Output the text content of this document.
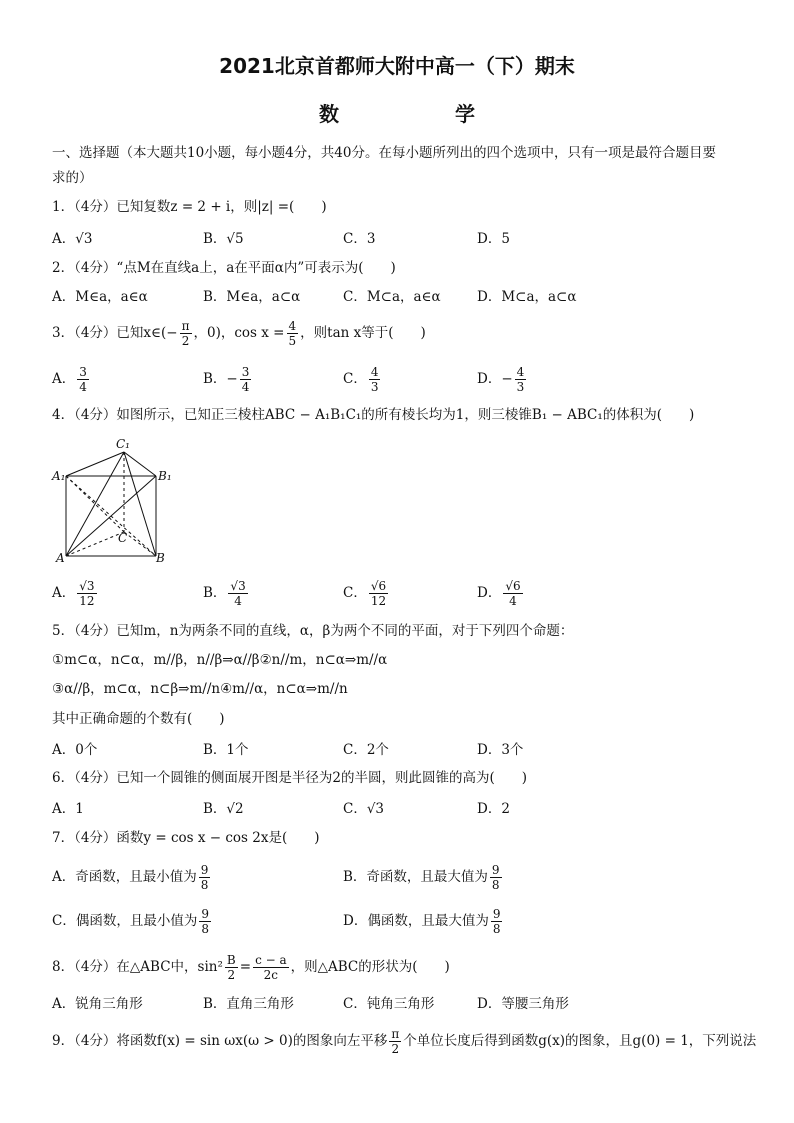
2021北京首都师大附中高一（下）期末
数　学
一、选择题（本大题共10小题，每小题4分，共40分。在每小题所列出的四个选项中，只有一项是最符合题目要
求的）
1．（4分）已知复数z = 2 + i，则|z| =(　　)
A．√3	B．√5	C．3	D．5
2．（4分）“点M在直线a上，a在平面α内”可表示为(　　)
A．M∈a，a∈α	B．M∈a，a⊂α	C．M⊂a，a∈α	D．M⊂a，a⊂α
3．（4分）已知x∈(− $\frac{\pi}{2}$ ，0)，$\cos x = \frac{4}{5}$ ，则tan x等于(　　)
A． $\frac{3}{4}$	B．− $\frac{3}{4}$	C． $\frac{4}{3}$	D．− $\frac{4}{3}$
4．（4分）如图所示，已知正三棱柱ABC − A₁B₁C₁的所有棱长均为1，则三棱锥B₁ − ABC₁的体积为(　　)
C₁
A₁	B₁
C
A	B
A． $\frac{√3}{12}$	B． $\frac{√3}{4}$	C． $\frac{√6}{12}$	D． $\frac{√6}{4}$
5．（4分）已知m，n为两条不同的直线，α，β为两个不同的平面，对于下列四个命题：
①m⊂α，n⊂α，m//β，n//β⇒α//β②n//m，n⊂α⇒m//α
③α//β，m⊂α，n⊂β⇒m//n④m//α，n⊂α⇒m//n
其中正确命题的个数有(　　)
A．0个	B．1个	C．2个	D．3个
6．（4分）已知一个圆锥的侧面展开图是半径为2的半圆，则此圆锥的高为(　　)
A．1	B．√2	C．√3	D．2
7．（4分）函数y = cos x − cos 2x是(　　)
A．奇函数，且最小值为 $\frac{9}{8}$	B．奇函数，且最大值为 $\frac{9}{8}$
C．偶函数，且最小值为 $\frac{9}{8}$	D．偶函数，且最大值为 $\frac{9}{8}$
8．（4分）在△ABC中，$\sin^2 \frac{B}{2} = \frac{c - a}{2c}$ ，则△ABC的形状为(　　)
A．锐角三角形	B．直角三角形	C．钝角三角形	D．等腰三角形
9．（4分）将函数f(x) = sin ωx(ω > 0)的图象向左平移 $\frac{\pi}{2}$ 个单位长度后得到函数g(x)的图象，且g(0) = 1，下列说法
